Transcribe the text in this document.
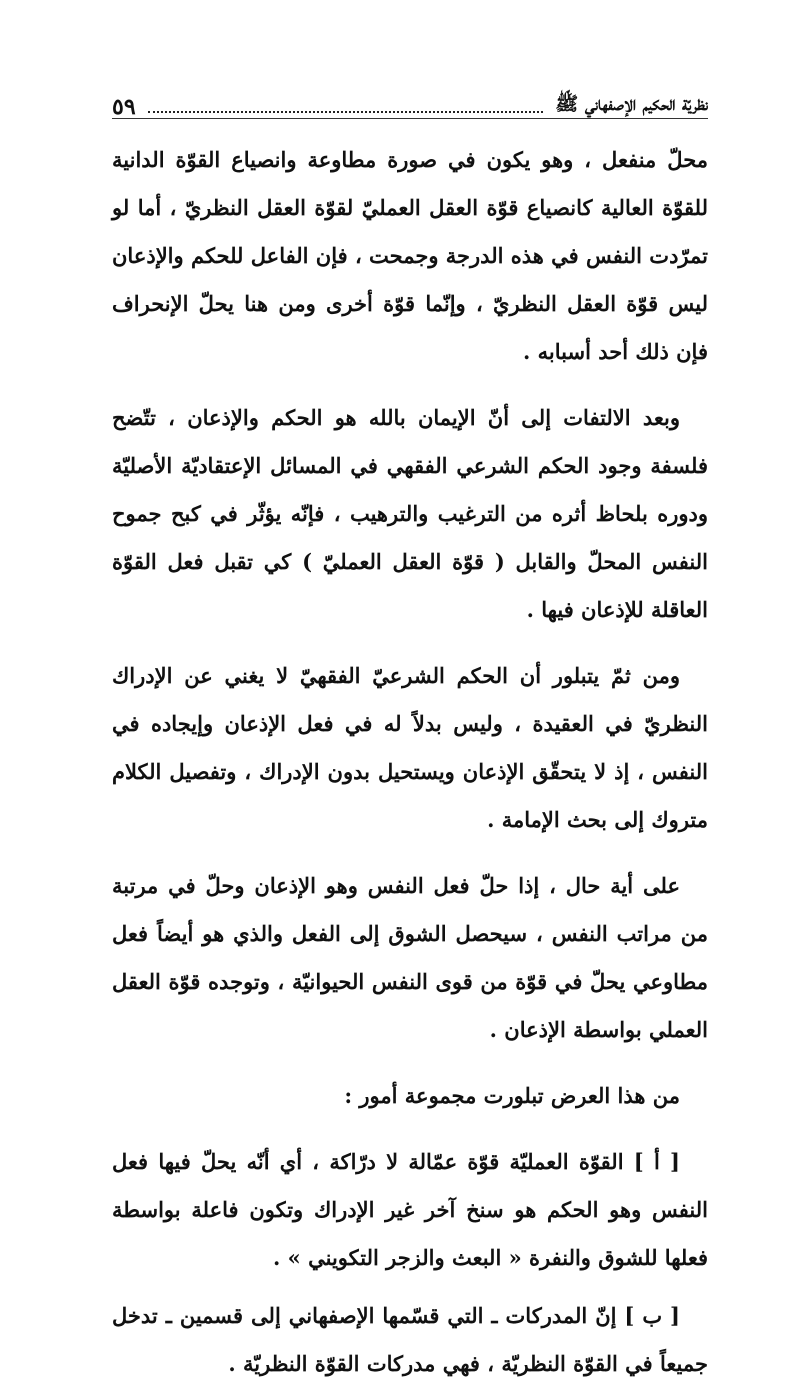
نظريّة الحكيم الإصفهاني ﷺ
٥٩

محلّ منفعل ، وهو يكون في صورة مطاوعة وانصياع القوّة الدانية للقوّة العالية كانصياع قوّة العقل العمليّ لقوّة العقل النظريّ ، أما لو تمرّدت النفس في هذه الدرجة وجمحت ، فإن الفاعل للحكم والإذعان ليس قوّة العقل النظريّ ، وإنّما قوّة أخرى ومن هنا يحلّ الإنحراف فإن ذلك أحد أسبابه .

وبعد الالتفات إلى أنّ الإيمان بالله هو الحكم والإذعان ، تتّضح فلسفة وجود الحكم الشرعي الفقهي في المسائل الإعتقاديّة الأصليّة ودوره بلحاظ أثره من الترغيب والترهيب ، فإنّه يؤثّر في كبح جموح النفس المحلّ والقابل ( قوّة العقل العمليّ ) كي تقبل فعل القوّة العاقلة للإذعان فيها .

ومن ثمّ يتبلور أن الحكم الشرعيّ الفقهيّ لا يغني عن الإدراك النظريّ في العقيدة ، وليس بدلاً له في فعل الإذعان وإيجاده في النفس ، إذ لا يتحقّق الإذعان ويستحيل بدون الإدراك ، وتفصيل الكلام متروك إلى بحث الإمامة .

على أية حال ، إذا حلّ فعل النفس وهو الإذعان وحلّ في مرتبة من مراتب النفس ، سيحصل الشوق إلى الفعل والذي هو أيضاً فعل مطاوعي يحلّ في قوّة من قوى النفس الحيوانيّة ، وتوجده قوّة العقل العملي بواسطة الإذعان .

من هذا العرض تبلورت مجموعة أمور :

[ أ ] القوّة العمليّة قوّة عمّالة لا درّاكة ، أي أنّه يحلّ فيها فعل النفس وهو الحكم هو سنخ آخر غير الإدراك وتكون فاعلة بواسطة فعلها للشوق والنفرة « البعث والزجر التكويني » .

[ ب ] إنّ المدركات ـ التي قسّمها الإصفهاني إلى قسمين ـ تدخل جميعاً في القوّة النظريّة ، فهي مدركات القوّة النظريّة .
